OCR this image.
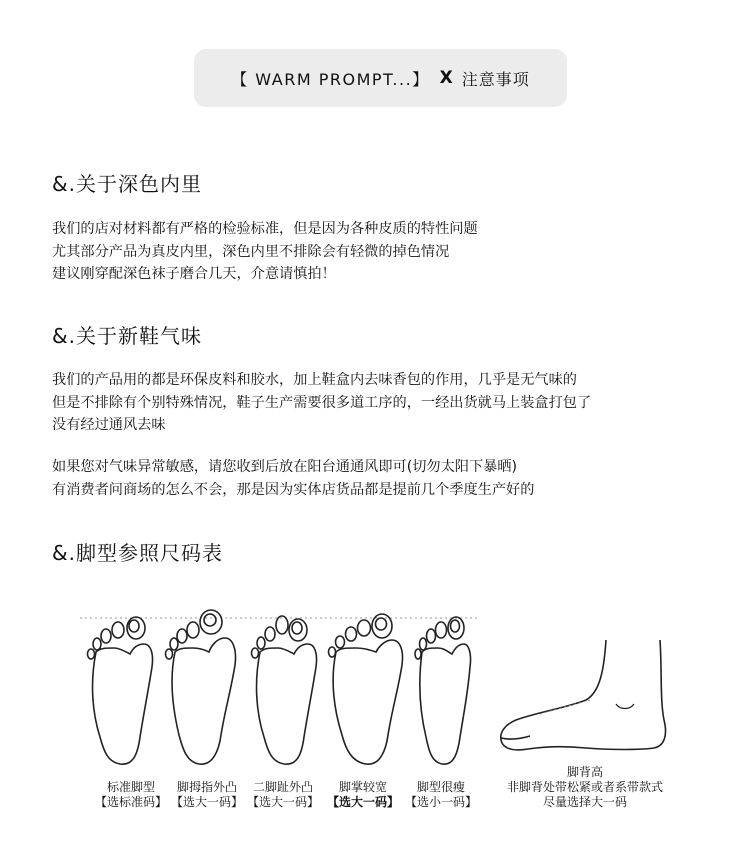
【 WARM PROMPT...】 X 注意事项
&.关于深色内里
我们的店对材料都有严格的检验标准，但是因为各种皮质的特性问题
尤其部分产品为真皮内里，深色内里不排除会有轻微的掉色情况
建议刚穿配深色袜子磨合几天，介意请慎拍！
&.关于新鞋气味
我们的产品用的都是环保皮料和胶水，加上鞋盒内去味香包的作用，几乎是无气味的
但是不排除有个别特殊情况，鞋子生产需要很多道工序的，一经出货就马上装盒打包了
没有经过通风去味
如果您对气味异常敏感，请您收到后放在阳台通通风即可(切勿太阳下暴晒)
有消费者问商场的怎么不会，那是因为实体店货品都是提前几个季度生产好的
&.脚型参照尺码表
标准脚型
【选标准码】
脚拇指外凸
【选大一码】
二脚趾外凸
【选大一码】
脚掌较宽
【选大一码】
脚型很瘦
【选小一码】
脚背高
非脚背处带松紧或者系带款式
尽量选择大一码
